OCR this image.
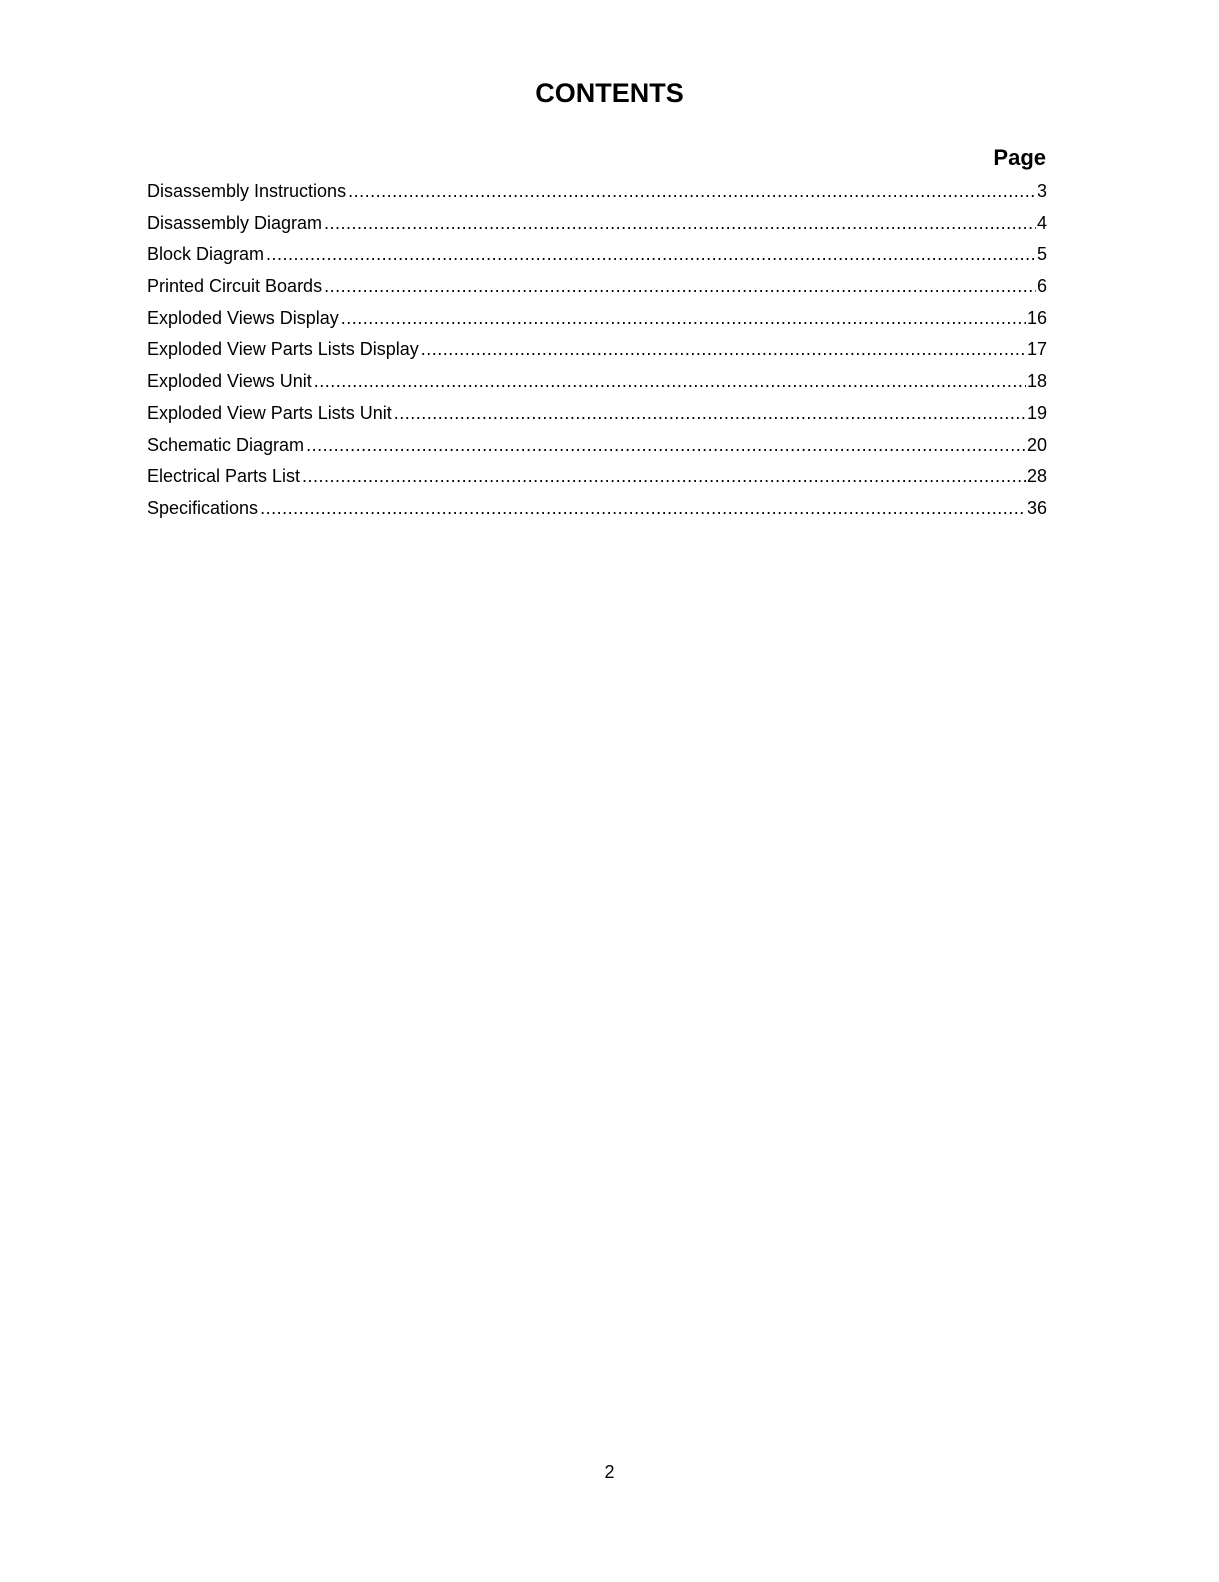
CONTENTS
Page
Disassembly Instructions .....	3
Disassembly Diagram .....	4
Block Diagram .....	5
Printed Circuit Boards .....	6
Exploded Views Display .....	16
Exploded View Parts Lists Display .....	17
Exploded Views Unit .....	18
Exploded View Parts Lists Unit .....	19
Schematic Diagram .....	20
Electrical Parts List .....	28
Specifications .....	36
2
